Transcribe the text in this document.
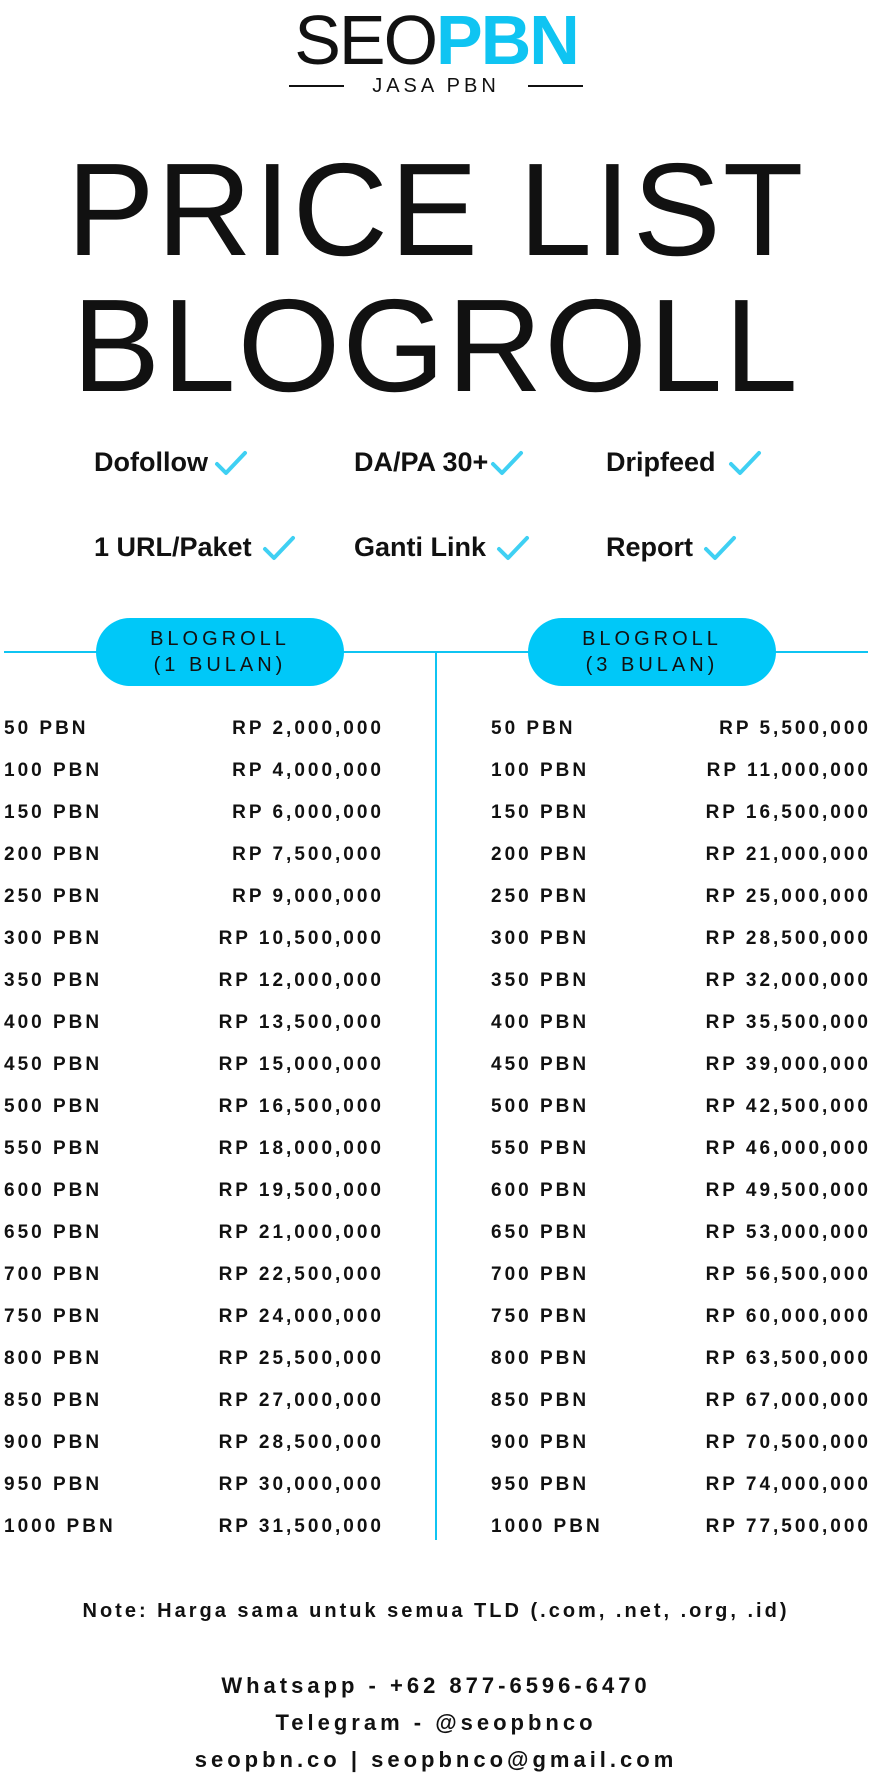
SEOPBN
JASA PBN
PRICE LIST
BLOGROLL
Dofollow	DA/PA 30+	Dripfeed
1 URL/Paket	Ganti Link	Report
BLOGROLL
(1 BULAN)
BLOGROLL
(3 BULAN)
50 PBN	RP 2,000,000
100 PBN	RP 4,000,000
150 PBN	RP 6,000,000
200 PBN	RP 7,500,000
250 PBN	RP 9,000,000
300 PBN	RP 10,500,000
350 PBN	RP 12,000,000
400 PBN	RP 13,500,000
450 PBN	RP 15,000,000
500 PBN	RP 16,500,000
550 PBN	RP 18,000,000
600 PBN	RP 19,500,000
650 PBN	RP 21,000,000
700 PBN	RP 22,500,000
750 PBN	RP 24,000,000
800 PBN	RP 25,500,000
850 PBN	RP 27,000,000
900 PBN	RP 28,500,000
950 PBN	RP 30,000,000
1000 PBN	RP 31,500,000
50 PBN	RP 5,500,000
100 PBN	RP 11,000,000
150 PBN	RP 16,500,000
200 PBN	RP 21,000,000
250 PBN	RP 25,000,000
300 PBN	RP 28,500,000
350 PBN	RP 32,000,000
400 PBN	RP 35,500,000
450 PBN	RP 39,000,000
500 PBN	RP 42,500,000
550 PBN	RP 46,000,000
600 PBN	RP 49,500,000
650 PBN	RP 53,000,000
700 PBN	RP 56,500,000
750 PBN	RP 60,000,000
800 PBN	RP 63,500,000
850 PBN	RP 67,000,000
900 PBN	RP 70,500,000
950 PBN	RP 74,000,000
1000 PBN	RP 77,500,000
Note: Harga sama untuk semua TLD (.com, .net, .org, .id)
Whatsapp - +62 877-6596-6470
Telegram - @seopbnco
seopbn.co | seopbnco@gmail.com
